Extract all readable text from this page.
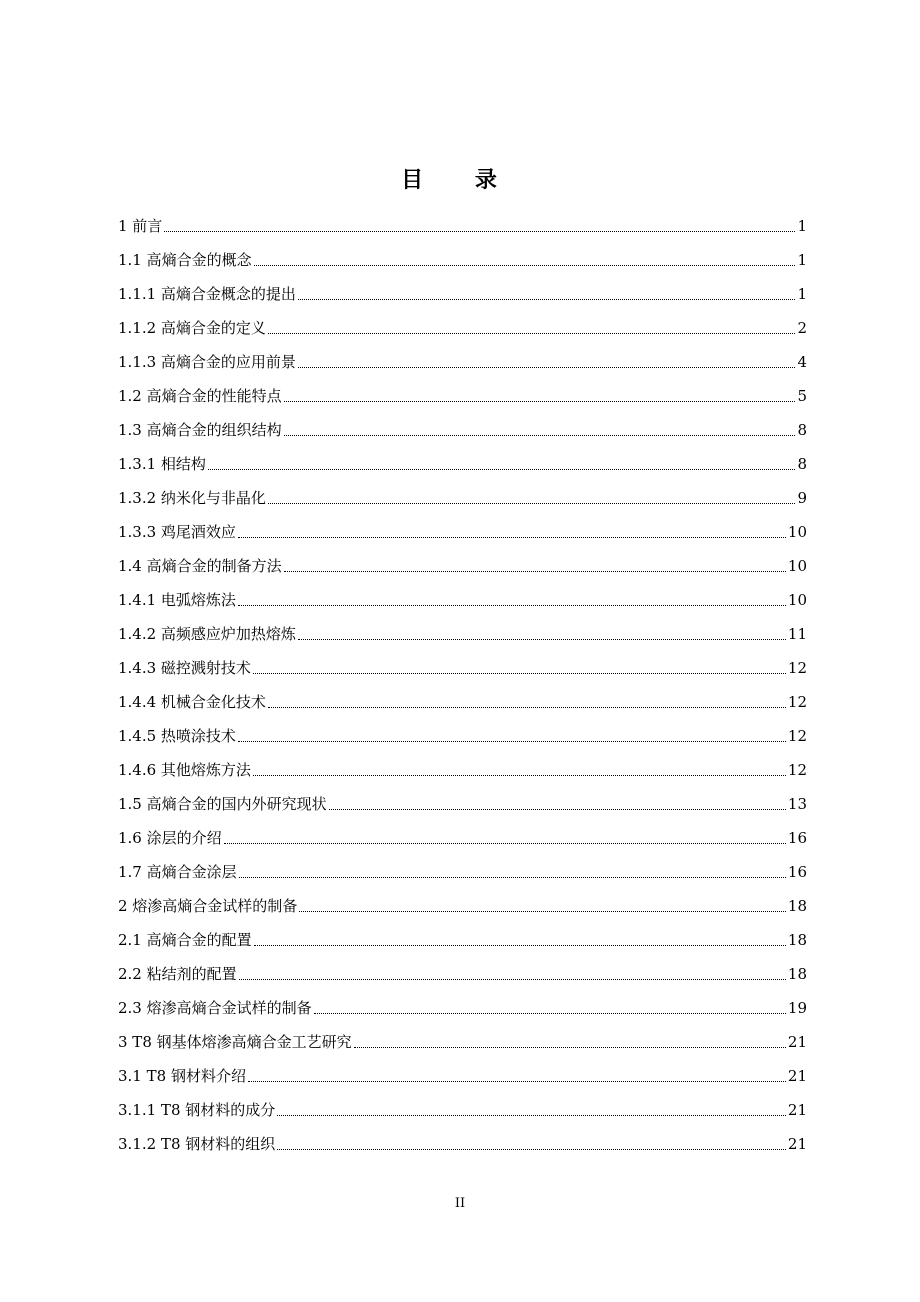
目 录
1 前言	1
1.1 高熵合金的概念	1
1.1.1 高熵合金概念的提出	1
1.1.2 高熵合金的定义	2
1.1.3 高熵合金的应用前景	4
1.2 高熵合金的性能特点	5
1.3 高熵合金的组织结构	8
1.3.1 相结构	8
1.3.2 纳米化与非晶化	9
1.3.3 鸡尾酒效应	10
1.4 高熵合金的制备方法	10
1.4.1 电弧熔炼法	10
1.4.2 高频感应炉加热熔炼	11
1.4.3 磁控溅射技术	12
1.4.4 机械合金化技术	12
1.4.5 热喷涂技术	12
1.4.6 其他熔炼方法	12
1.5 高熵合金的国内外研究现状	13
1.6 涂层的介绍	16
1.7 高熵合金涂层	16
2 熔渗高熵合金试样的制备	18
2.1 高熵合金的配置	18
2.2 粘结剂的配置	18
2.3 熔渗高熵合金试样的制备	19
3 T8 钢基体熔渗高熵合金工艺研究	21
3.1 T8 钢材料介绍	21
3.1.1 T8 钢材料的成分	21
3.1.2 T8 钢材料的组织	21
II
